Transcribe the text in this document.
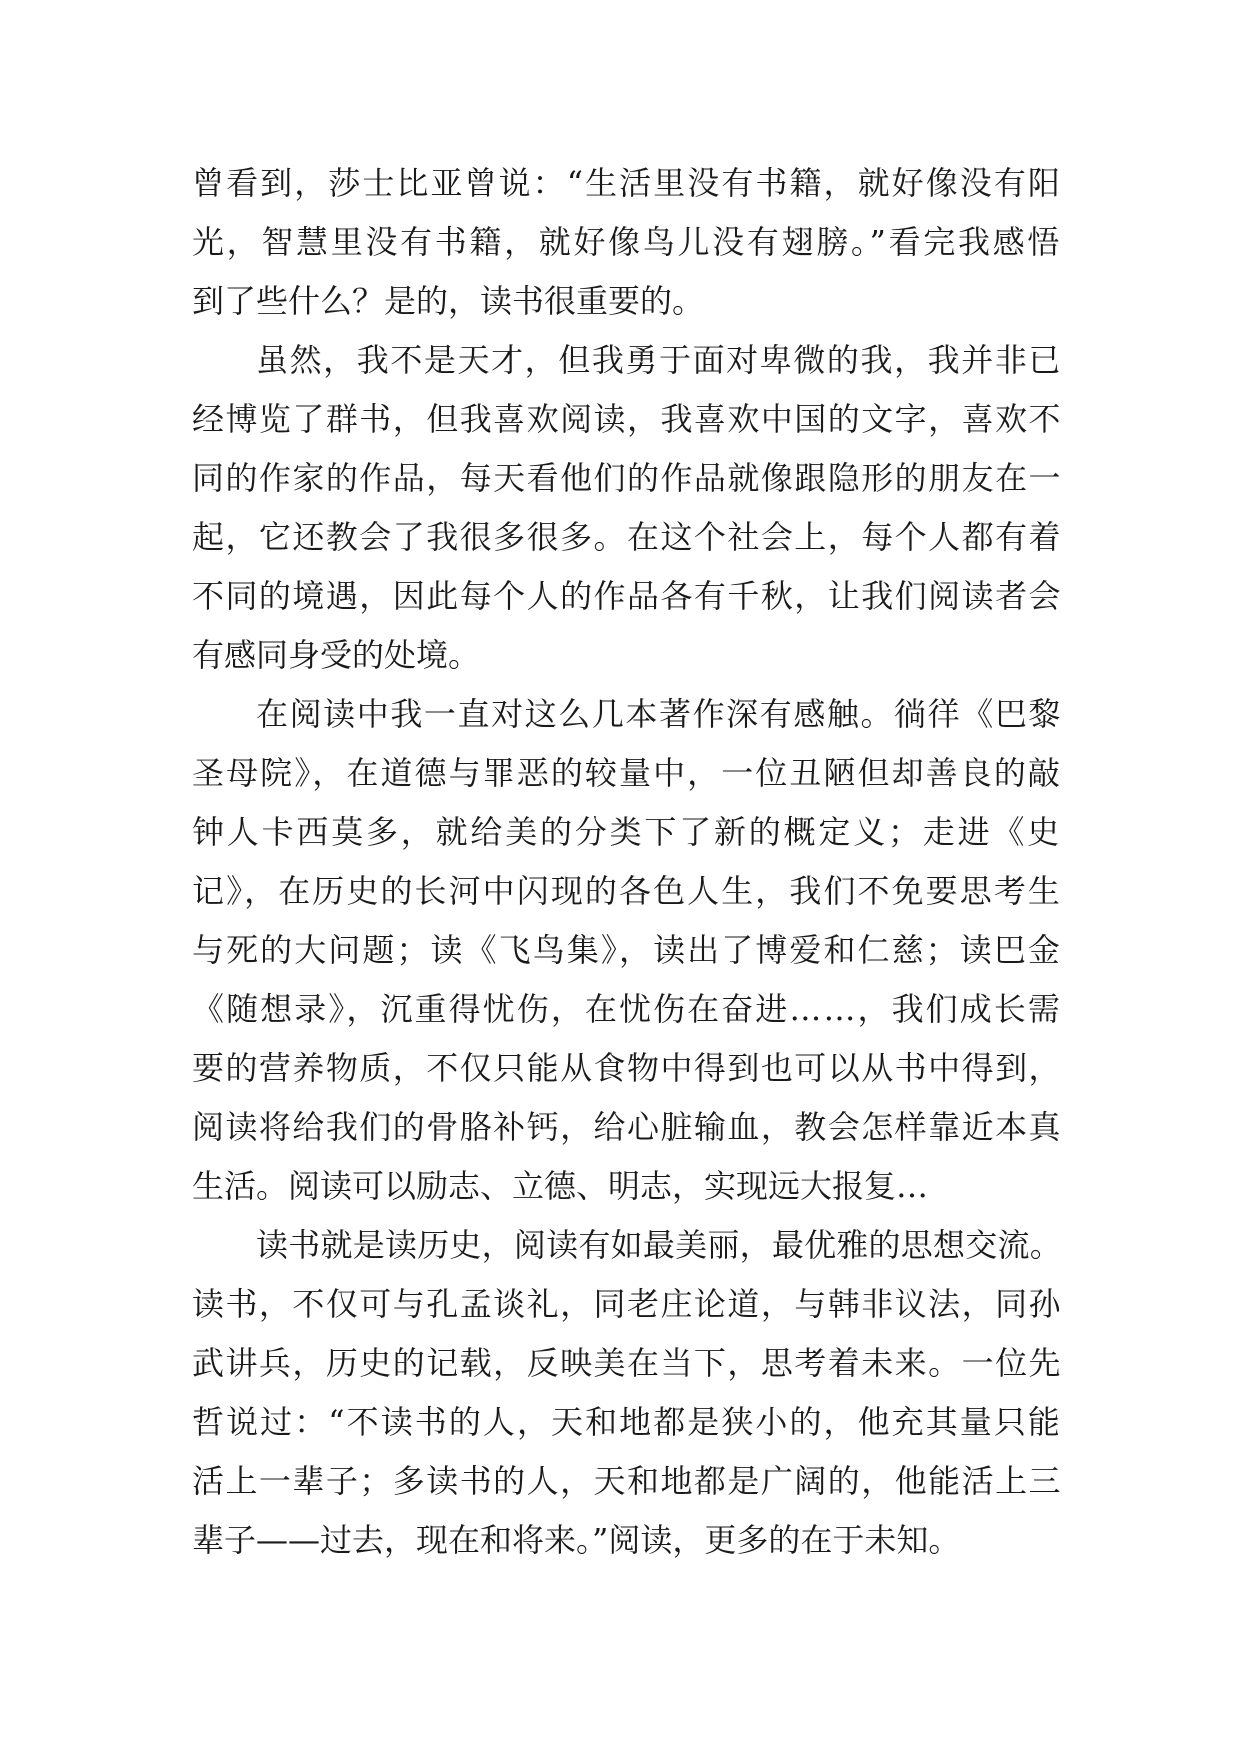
曾看到，莎士比亚曾说：“生活里没有书籍，就好像没有阳
光，智慧里没有书籍，就好像鸟儿没有翅膀。”看完我感悟
到了些什么？是的，读书很重要的。
虽然，我不是天才，但我勇于面对卑微的我，我并非已
经博览了群书，但我喜欢阅读，我喜欢中国的文字，喜欢不
同的作家的作品，每天看他们的作品就像跟隐形的朋友在一
起，它还教会了我很多很多。在这个社会上，每个人都有着
不同的境遇，因此每个人的作品各有千秋，让我们阅读者会
有感同身受的处境。
在阅读中我一直对这么几本著作深有感触。徜徉《巴黎
圣母院》，在道德与罪恶的较量中，一位丑陋但却善良的敲
钟人卡西莫多，就给美的分类下了新的概定义；走进《史
记》，在历史的长河中闪现的各色人生，我们不免要思考生
与死的大问题；读《飞鸟集》，读出了博爱和仁慈；读巴金
《随想录》，沉重得忧伤，在忧伤在奋进……，我们成长需
要的营养物质，不仅只能从食物中得到也可以从书中得到，
阅读将给我们的骨胳补钙，给心脏输血，教会怎样靠近本真
生活。阅读可以励志、立德、明志，实现远大报复…
读书就是读历史，阅读有如最美丽，最优雅的思想交流。
读书，不仅可与孔孟谈礼，同老庄论道，与韩非议法，同孙
武讲兵，历史的记载，反映美在当下，思考着未来。一位先
哲说过：“不读书的人，天和地都是狭小的，他充其量只能
活上一辈子；多读书的人，天和地都是广阔的，他能活上三
辈子——过去，现在和将来。”阅读，更多的在于未知。
